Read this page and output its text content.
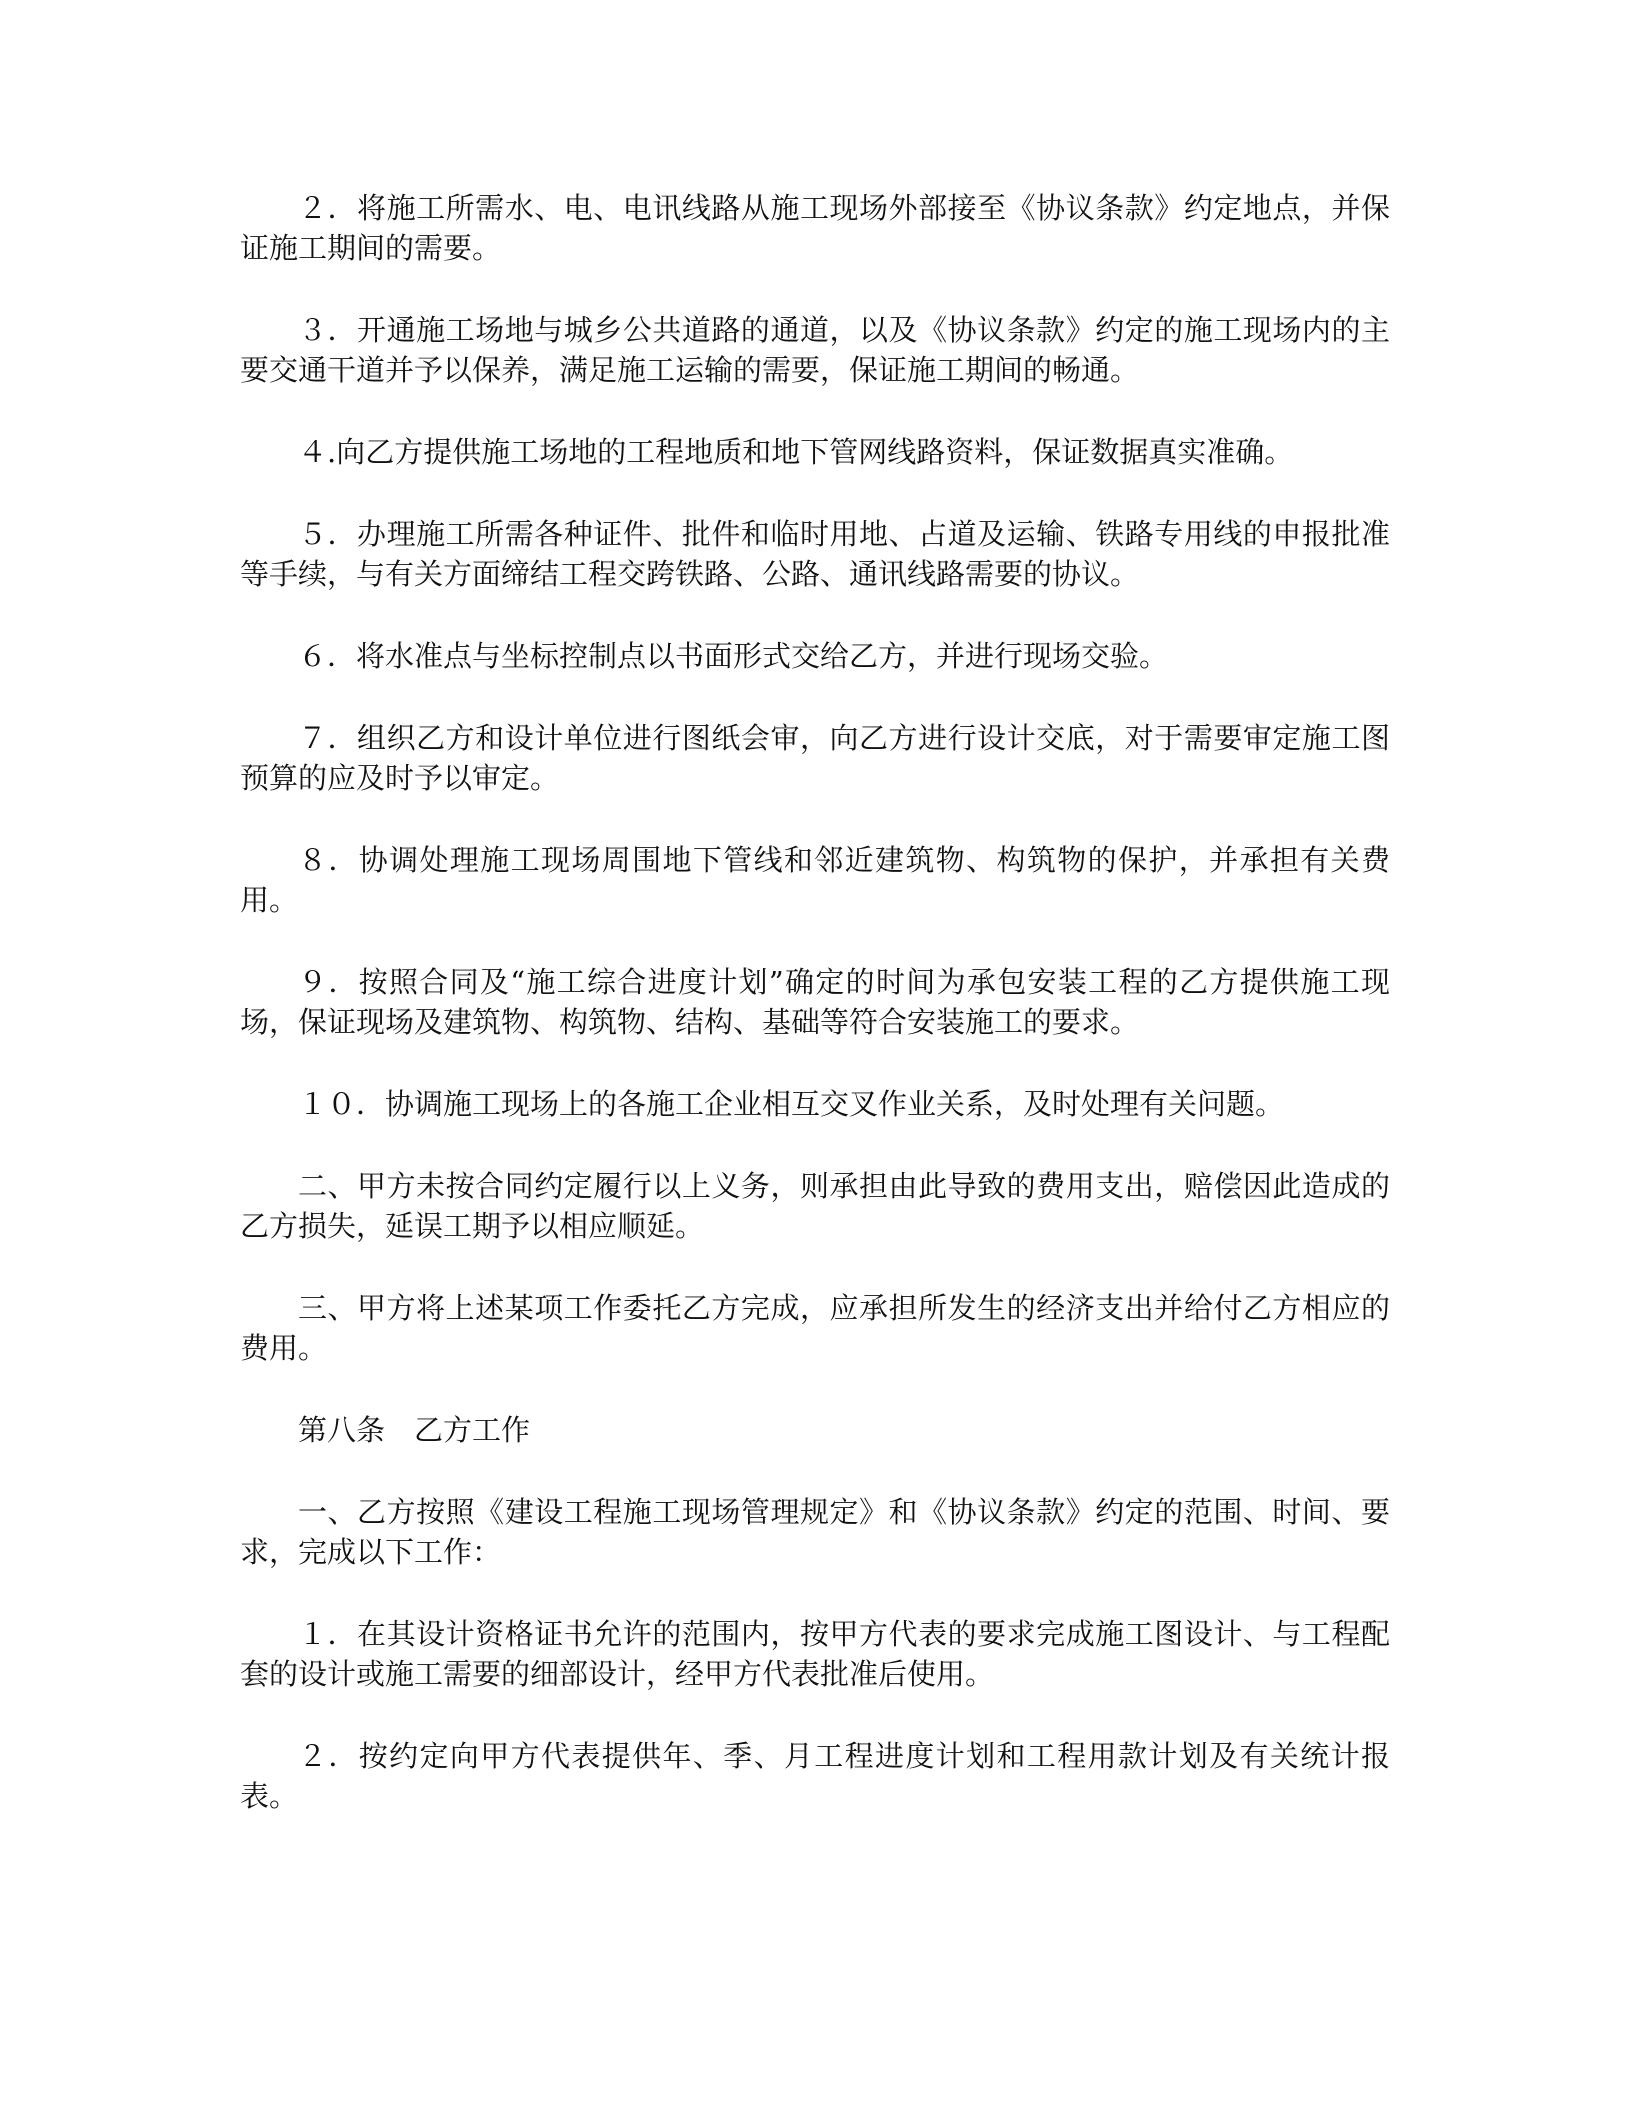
２．将施工所需水、电、电讯线路从施工现场外部接至《协议条款》约定地点，并保证施工期间的需要。

３．开通施工场地与城乡公共道路的通道，以及《协议条款》约定的施工现场内的主要交通干道并予以保养，满足施工运输的需要，保证施工期间的畅通。

４.向乙方提供施工场地的工程地质和地下管网线路资料，保证数据真实准确。

５．办理施工所需各种证件、批件和临时用地、占道及运输、铁路专用线的申报批准等手续，与有关方面缔结工程交跨铁路、公路、通讯线路需要的协议。

６．将水准点与坐标控制点以书面形式交给乙方，并进行现场交验。

７．组织乙方和设计单位进行图纸会审，向乙方进行设计交底，对于需要审定施工图预算的应及时予以审定。

８．协调处理施工现场周围地下管线和邻近建筑物、构筑物的保护，并承担有关费用。

９．按照合同及“施工综合进度计划”确定的时间为承包安装工程的乙方提供施工现场，保证现场及建筑物、构筑物、结构、基础等符合安装施工的要求。

１０．协调施工现场上的各施工企业相互交叉作业关系，及时处理有关问题。

二、甲方未按合同约定履行以上义务，则承担由此导致的费用支出，赔偿因此造成的乙方损失，延误工期予以相应顺延。

三、甲方将上述某项工作委托乙方完成，应承担所发生的经济支出并给付乙方相应的费用。

第八条　乙方工作

一、乙方按照《建设工程施工现场管理规定》和《协议条款》约定的范围、时间、要求，完成以下工作：

１．在其设计资格证书允许的范围内，按甲方代表的要求完成施工图设计、与工程配套的设计或施工需要的细部设计，经甲方代表批准后使用。

２．按约定向甲方代表提供年、季、月工程进度计划和工程用款计划及有关统计报表。
